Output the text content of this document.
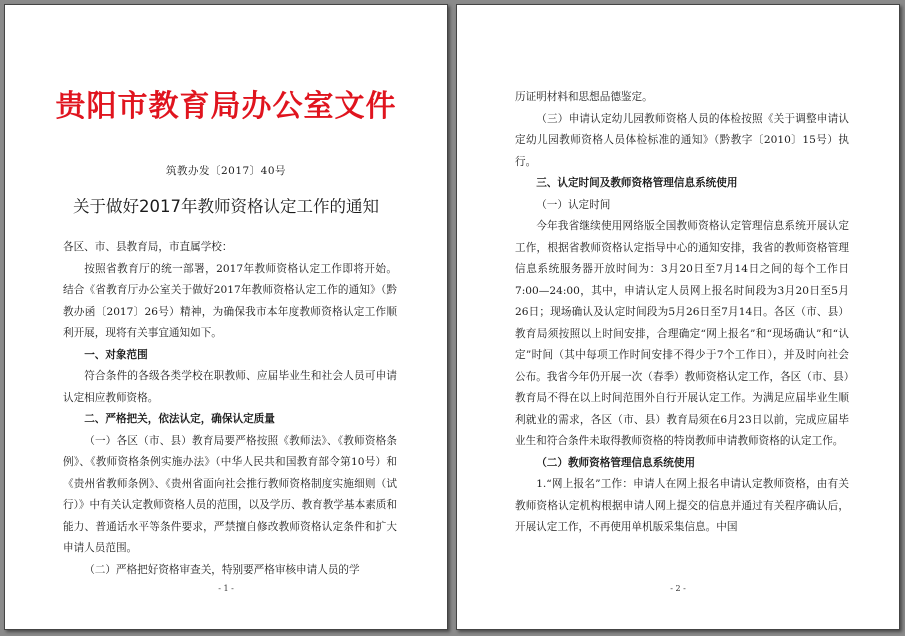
贵阳市教育局办公室文件
筑教办发〔2017〕40号
关于做好2017年教师资格认定工作的通知

各区、市、县教育局，市直属学校：

按照省教育厅的统一部署，2017年教师资格认定工作即将开始。结合《省教育厅办公室关于做好2017年教师资格认定工作的通知》（黔教办函〔2017〕26号）精神，为确保我市本年度教师资格认定工作顺利开展，现将有关事宜通知如下。

一、对象范围

符合条件的各级各类学校在职教师、应届毕业生和社会人员可申请认定相应教师资格。

二、严格把关，依法认定，确保认定质量

（一）各区（市、县）教育局要严格按照《教师法》、《教师资格条例》、《教师资格条例实施办法》（中华人民共和国教育部令第10号）和《贵州省教师条例》、《贵州省面向社会推行教师资格制度实施细则（试行）》中有关认定教师资格人员的范围，以及学历、教育教学基本素质和能力、普通话水平等条件要求，严禁擅自修改教师资格认定条件和扩大申请人员范围。

（二）严格把好资格审查关，特别要严格审核申请人员的学

- 1 -

历证明材料和思想品德鉴定。

（三）申请认定幼儿园教师资格人员的体检按照《关于调整申请认定幼儿园教师资格人员体检标准的通知》（黔教字〔2010〕15号）执行。

三、认定时间及教师资格管理信息系统使用

（一）认定时间

今年我省继续使用网络版全国教师资格认定管理信息系统开展认定工作，根据省教师资格认定指导中心的通知安排，我省的教师资格管理信息系统服务器开放时间为：3月20日至7月14日之间的每个工作日7:00—24:00，其中，申请认定人员网上报名时间段为3月20日至5月26日；现场确认及认定时间段为5月26日至7月14日。各区（市、县）教育局须按照以上时间安排，合理确定“网上报名”和“现场确认”和“认定”时间（其中每项工作时间安排不得少于7个工作日），并及时向社会公布。我省今年仍开展一次（春季）教师资格认定工作，各区（市、县）教育局不得在以上时间范围外自行开展认定工作。为满足应届毕业生顺利就业的需求，各区（市、县）教育局须在6月23日以前，完成应届毕业生和符合条件未取得教师资格的特岗教师申请教师资格的认定工作。

（二）教师资格管理信息系统使用

1.“网上报名”工作：申请人在网上报名申请认定教师资格，由有关教师资格认定机构根据申请人网上提交的信息并通过有关程序确认后，开展认定工作，不再使用单机版采集信息。中国

- 2 -
